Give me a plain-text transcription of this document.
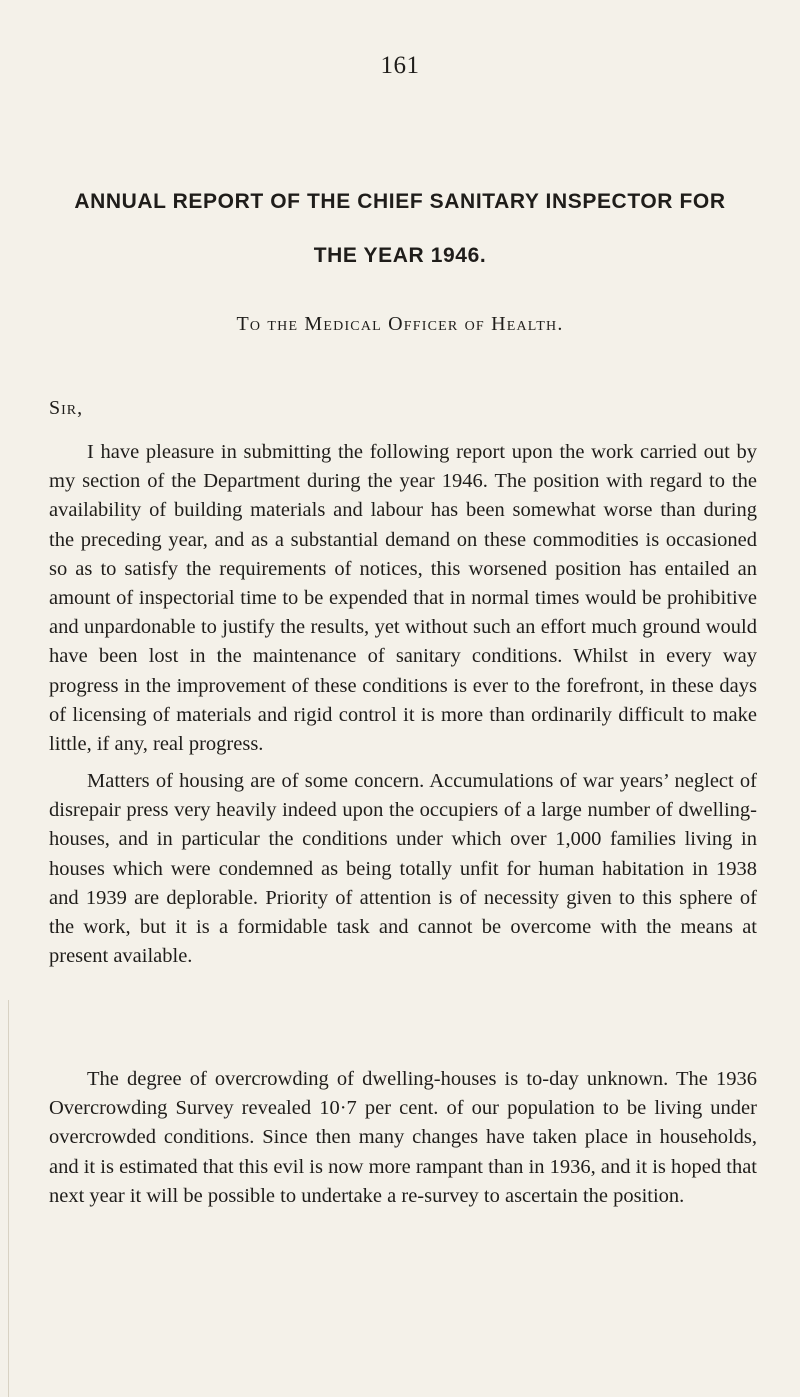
161
ANNUAL REPORT OF THE CHIEF SANITARY INSPECTOR FOR
THE YEAR 1946.
To the Medical Officer of Health.
Sir,

I have pleasure in submitting the following report upon the work carried out by my section of the Department during the year 1946. The position with regard to the availability of building materials and labour has been somewhat worse than during the preceding year, and as a substantial demand on these commodities is occasioned so as to satisfy the requirements of notices, this worsened position has entailed an amount of inspectorial time to be expended that in normal times would be prohibitive and unpardonable to justify the results, yet without such an effort much ground would have been lost in the maintenance of sanitary conditions. Whilst in every way progress in the improvement of these conditions is ever to the forefront, in these days of licensing of materials and rigid control it is more than ordinarily difficult to make little, if any, real progress.

Matters of housing are of some concern. Accumulations of war years’ neglect of disrepair press very heavily indeed upon the occupiers of a large number of dwelling-houses, and in particular the conditions under which over 1,000 families living in houses which were condemned as being totally unfit for human habitation in 1938 and 1939 are deplorable. Priority of attention is of necessity given to this sphere of the work, but it is a formidable task and cannot be overcome with the means at present available.

The degree of overcrowding of dwelling-houses is to-day unknown. The 1936 Overcrowding Survey revealed 10·7 per cent. of our population to be living under overcrowded conditions. Since then many changes have taken place in households, and it is estimated that this evil is now more rampant than in 1936, and it is hoped that next year it will be possible to undertake a re-survey to ascertain the position.
